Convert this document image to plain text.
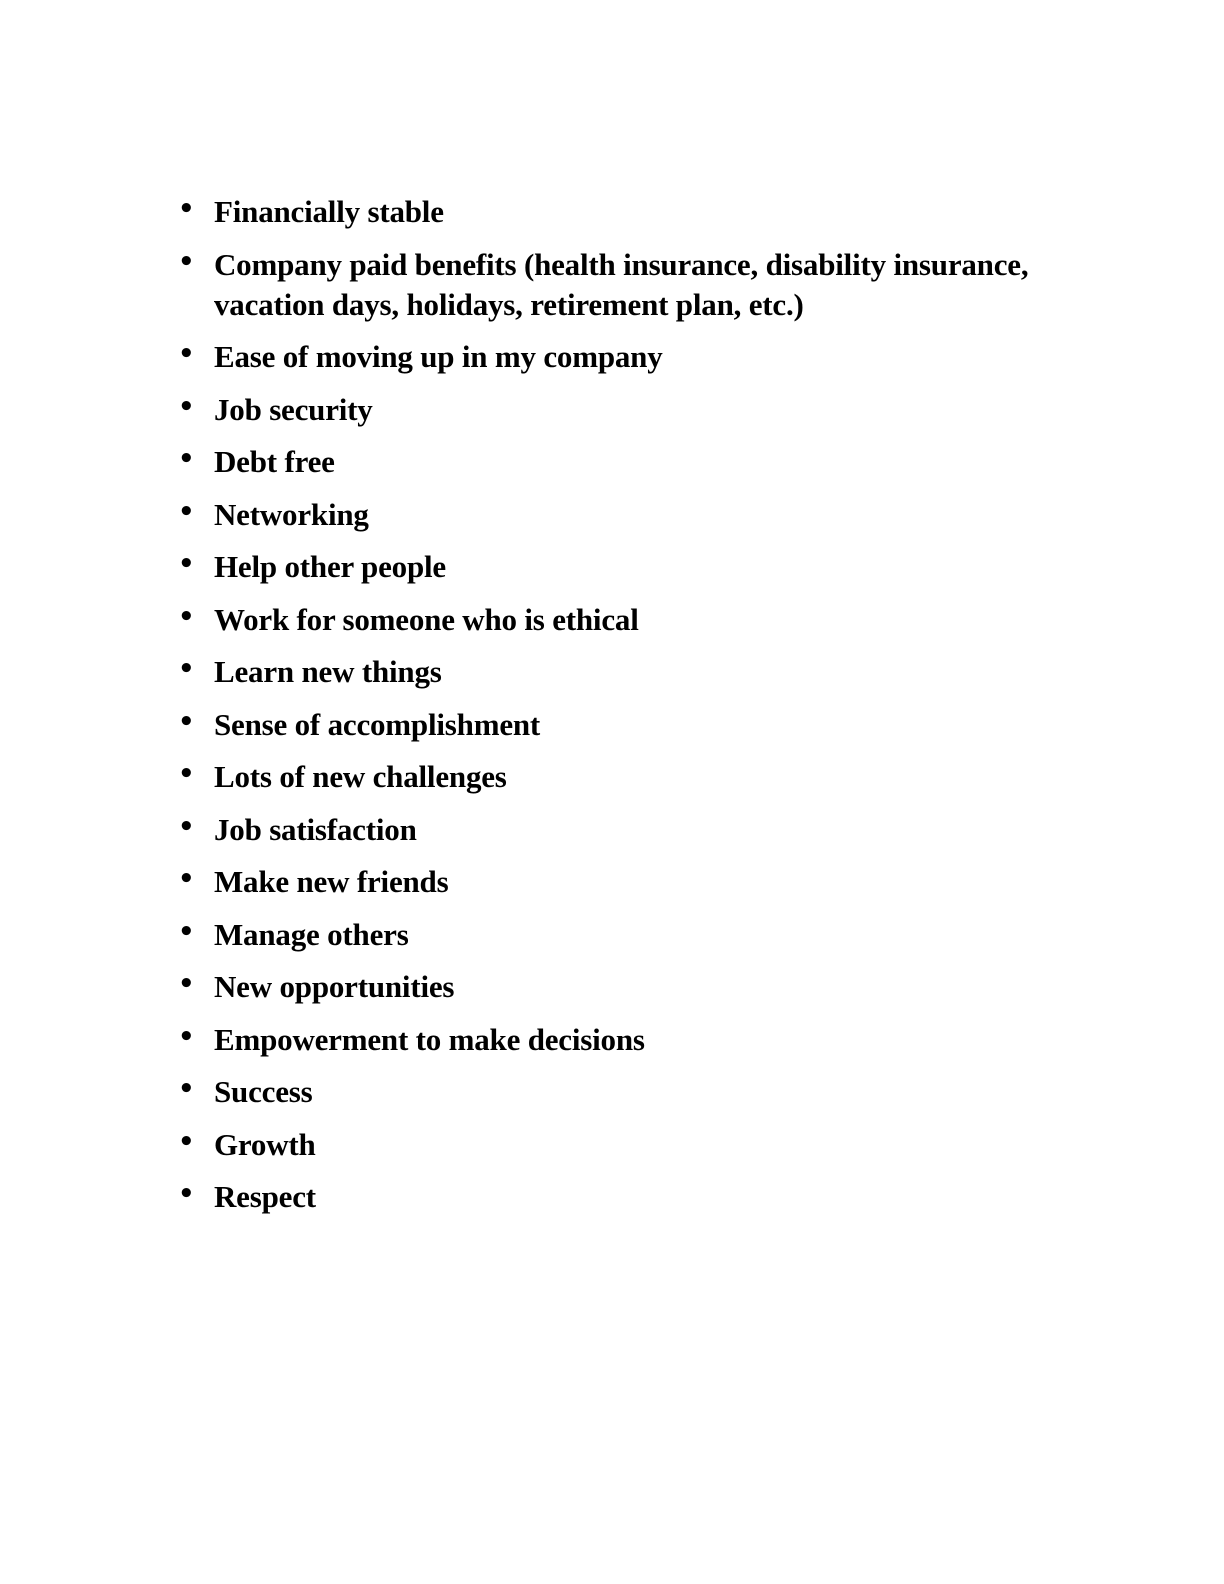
• Financially stable
• Company paid benefits (health insurance, disability insurance, vacation days, holidays, retirement plan, etc.)
• Ease of moving up in my company
• Job security
• Debt free
• Networking
• Help other people
• Work for someone who is ethical
• Learn new things
• Sense of accomplishment
• Lots of new challenges
• Job satisfaction
• Make new friends
• Manage others
• New opportunities
• Empowerment to make decisions
• Success
• Growth
• Respect
